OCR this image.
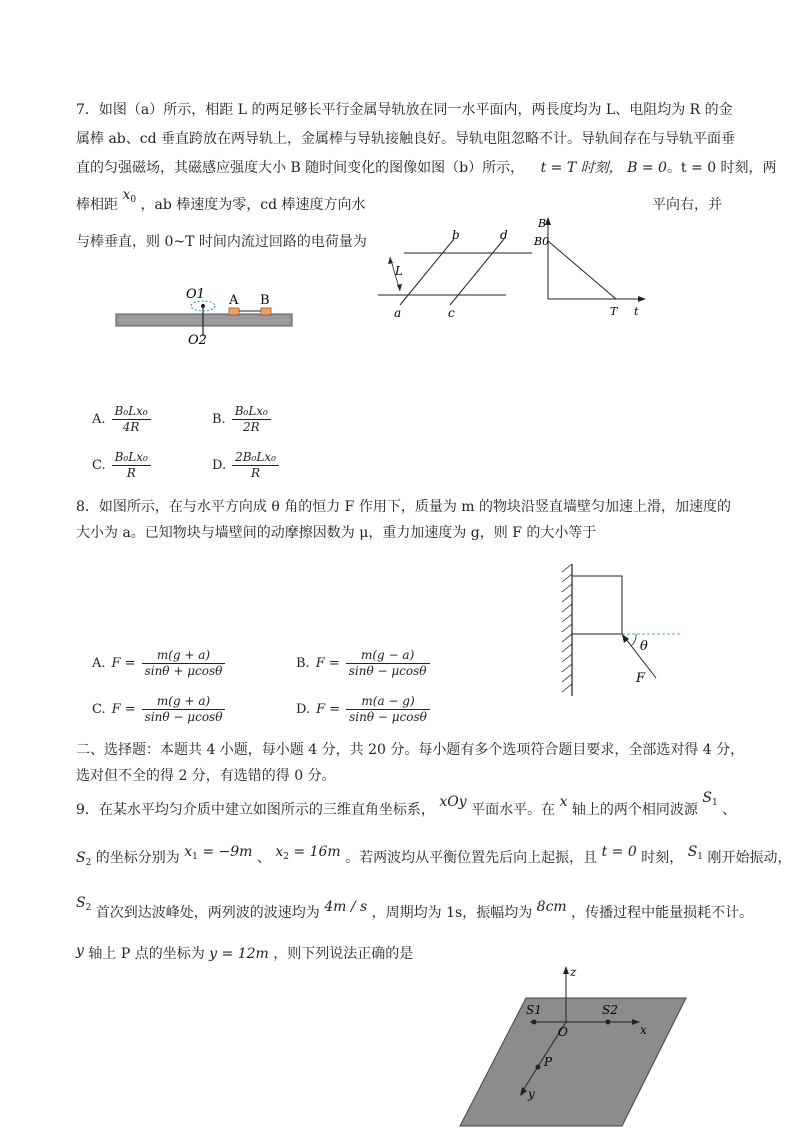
7．如图（a）所示，相距 L 的两足够长平行金属导轨放在同一水平面内，两長度均为 L、电阻均为 R 的金
属棒 ab、cd 垂直跨放在两导轨上，金属棒与导轨接触良好。导轨电阻忽略不计。导轨间存在与导轨平面垂
直的匀强磁场，其磁感应强度大小 B 随时间变化的图像如图（b）所示， t = T 时刻， B = 0。t = 0 时刻，两
棒相距 $x_0$ ，ab 棒速度为零，cd 棒速度方向水	平向右，并
与棒垂直，则 0~T 时间内流过回路的电荷量为
O1
O2
A B
L
b	d
a	c
B
B0
T t
A. $\frac{\text{B₀Lx₀}}{4R}$	B. $\frac{\text{B₀Lx₀}}{2R}$
C. $\frac{\text{B₀Lx₀}}{R}$	D. $\frac{\text{2B₀Lx₀}}{R}$
8．如图所示，在与水平方向成 θ 角的恒力 F 作用下，质量为 m 的物块沿竖直墙壁匀加速上滑，加速度的
大小为 a。已知物块与墙壁间的动摩擦因数为 μ，重力加速度为 g，则 F 的大小等于
θ
F
A. $F = \frac{m(g + a)}{\sin\theta + \mu\cos\theta}$	B. $F = \frac{m(g - a)}{\sin\theta - \mu\cos\theta}$
C. $F = \frac{m(g + a)}{\sin\theta - \mu\cos\theta}$	D. $F = \frac{m(a - g)}{\sin\theta - \mu\cos\theta}$
二、选择题：本题共 4 小题，每小题 4 分，共 20 分。每小题有多个选项符合题目要求，全部选对得 4 分，
选对但不全的得 2 分，有选错的得 0 分。
9．在某水平均匀介质中建立如图所示的三维直角坐标系， xOy 平面水平。在 x 轴上的两个相同波源 $S_1$ 、
$S_2$ 的坐标分别为 $x_1 = -9m$ 、 $x_2 = 16m$ 。若两波均从平衡位置先后向上起振，且 t = 0 时刻， $S_1$ 刚开始振动，
$S_2$ 首次到达波峰处，两列波的波速均为 4m / s ，周期均为 1s，振幅均为 8cm ，传播过程中能量损耗不计。
y 轴上 P 点的坐标为 y = 12m ，则下列说法正确的是
z
S1	S2
O	x
P
y
